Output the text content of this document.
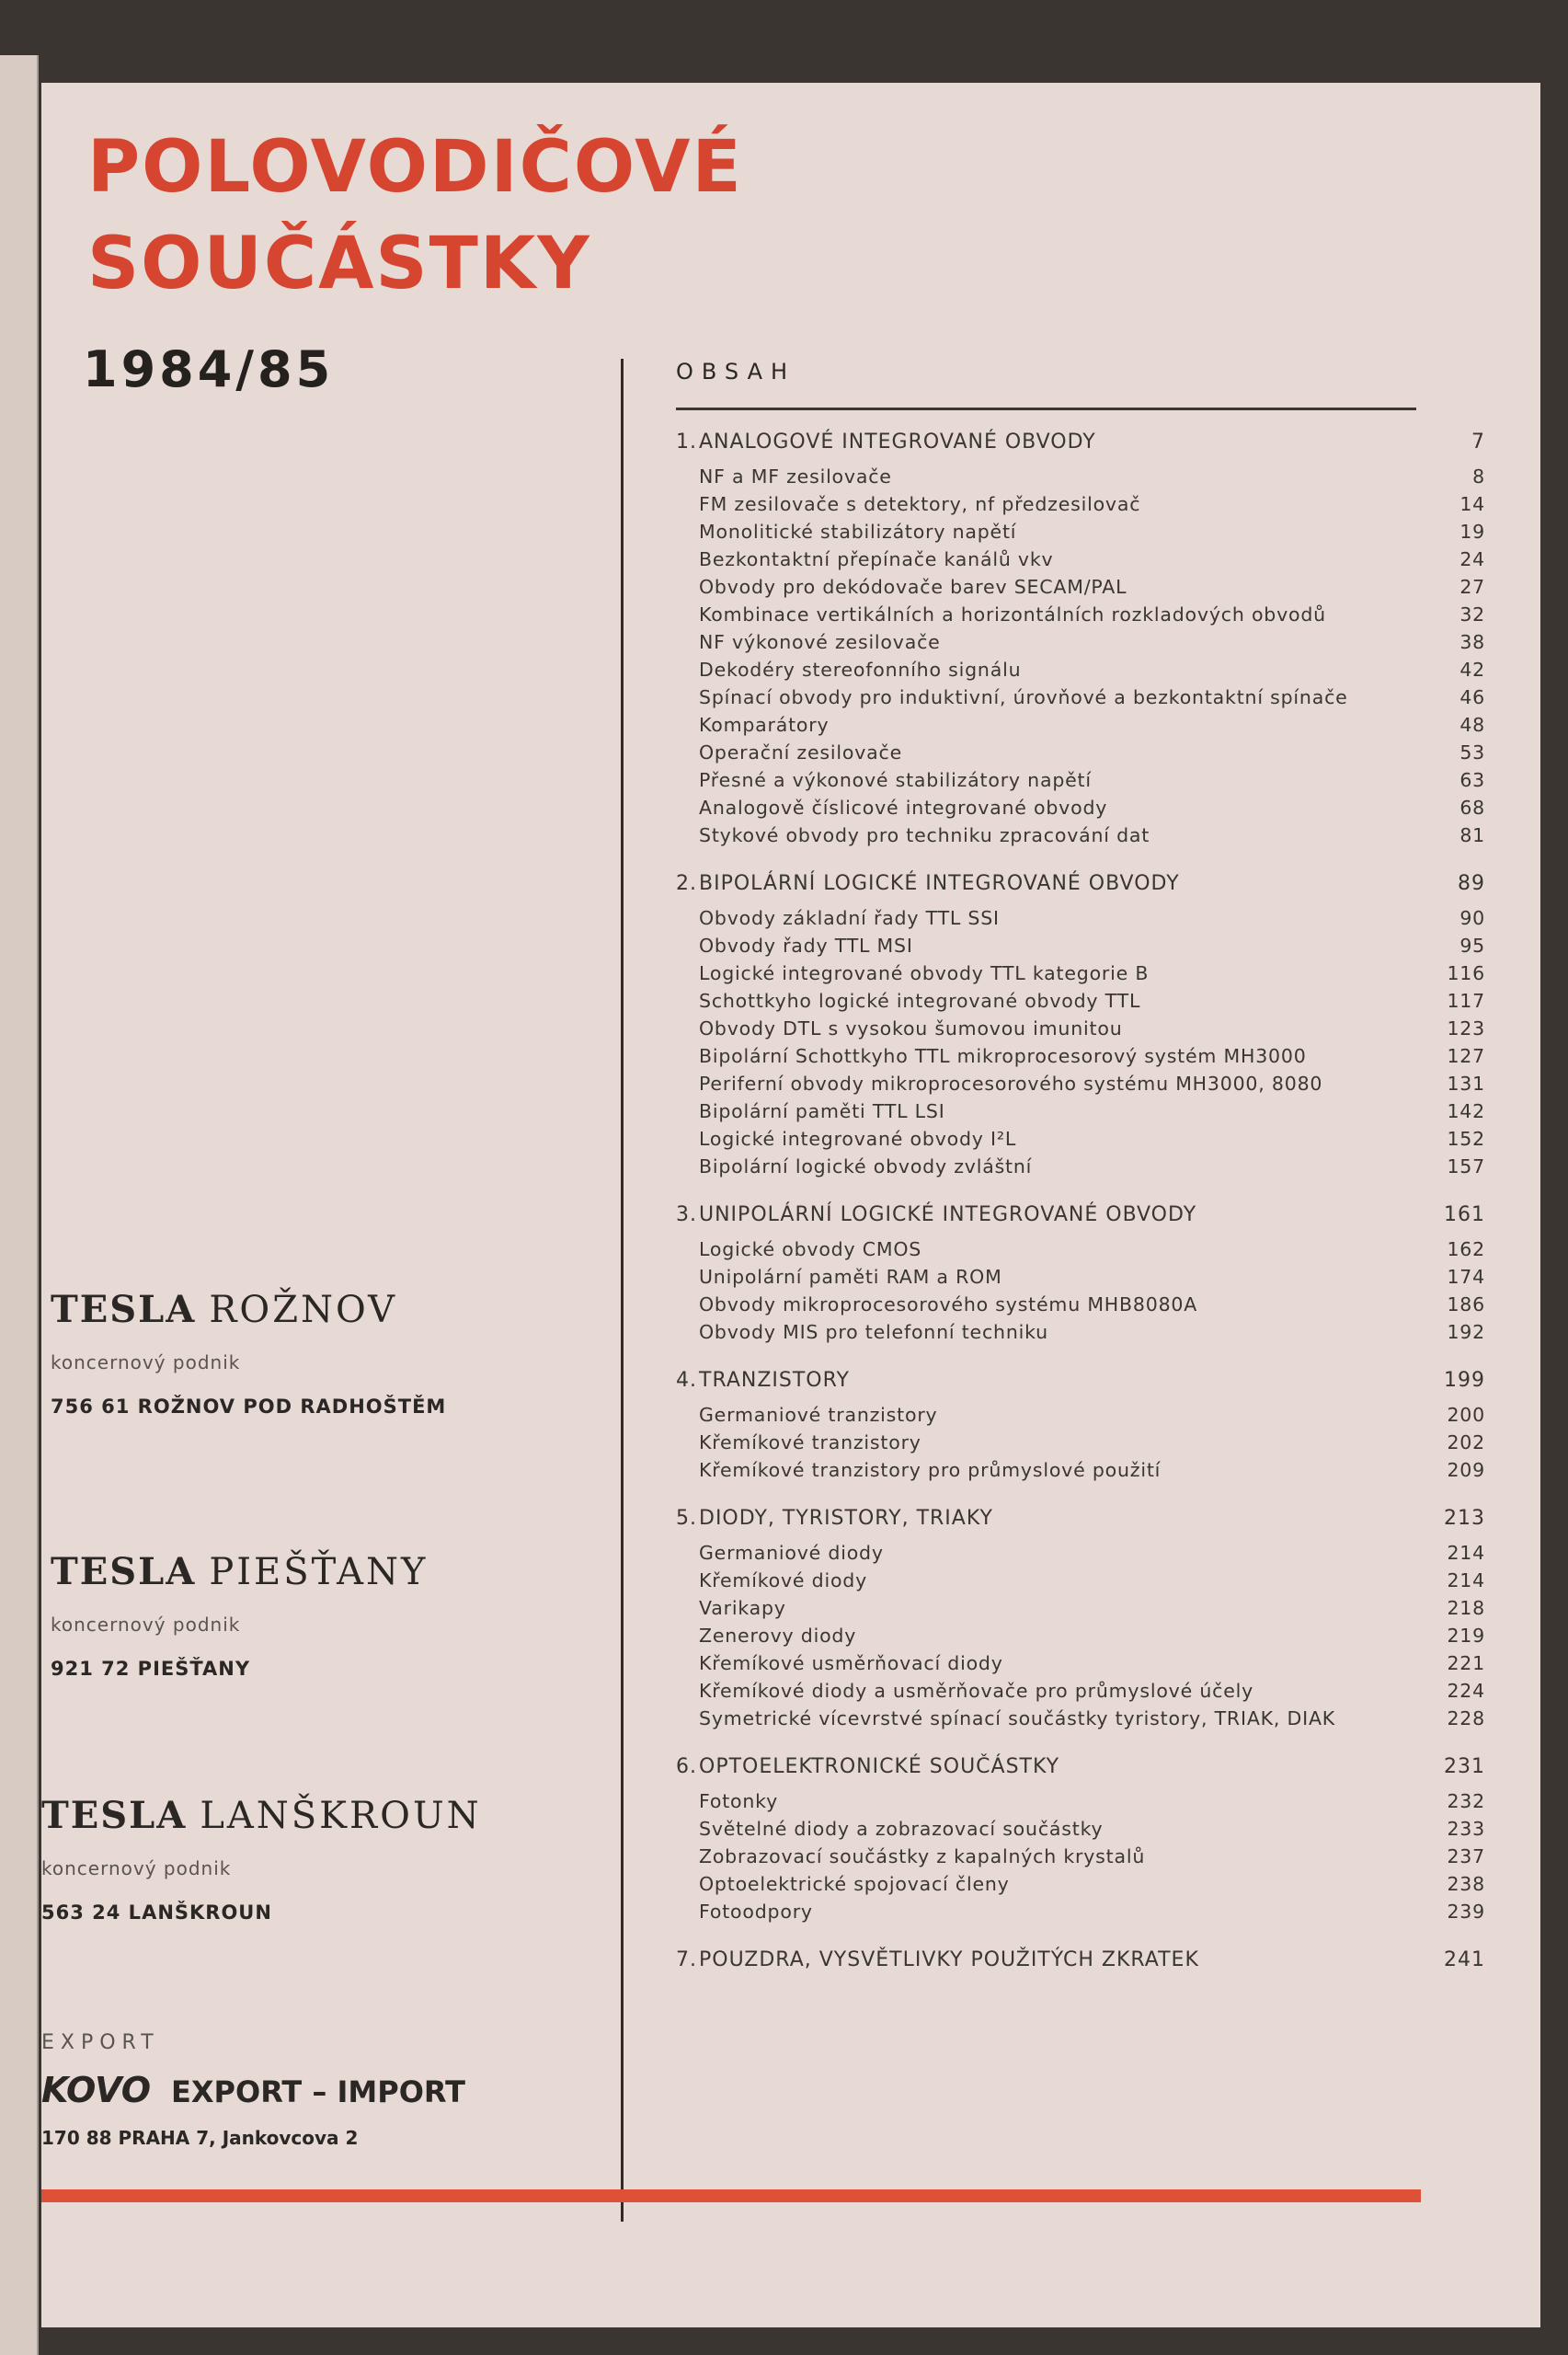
POLOVODIČOVÉ
SOUČÁSTKY
1984/85
TESLA ROŽNOV
koncernový podnik
756 61 ROŽNOV POD RADHOŠTĚM
TESLA PIEŠŤANY
koncernový podnik
921 72 PIEŠŤANY
TESLA LANŠKROUN
koncernový podnik
563 24 LANŠKROUN
EXPORT
KOVO EXPORT – IMPORT
170 88 PRAHA 7, Jankovcova 2
OBSAH
1. ANALOGOVÉ INTEGROVANÉ OBVODY	7
NF a MF zesilovače	8
FM zesilovače s detektory, nf předzesilovač	14
Monolitické stabilizátory napětí	19
Bezkontaktní přepínače kanálů vkv	24
Obvody pro dekódovače barev SECAM/PAL	27
Kombinace vertikálních a horizontálních rozkladových obvodů	32
NF výkonové zesilovače	38
Dekodéry stereofonního signálu	42
Spínací obvody pro induktivní, úrovňové a bezkontaktní spínače	46
Komparátory	48
Operační zesilovače	53
Přesné a výkonové stabilizátory napětí	63
Analogově číslicové integrované obvody	68
Stykové obvody pro techniku zpracování dat	81
2. BIPOLÁRNÍ LOGICKÉ INTEGROVANÉ OBVODY	89
Obvody základní řady TTL SSI	90
Obvody řady TTL MSI	95
Logické integrované obvody TTL kategorie B	116
Schottkyho logické integrované obvody TTL	117
Obvody DTL s vysokou šumovou imunitou	123
Bipolární Schottkyho TTL mikroprocesorový systém MH3000	127
Periferní obvody mikroprocesorového systému MH3000, 8080	131
Bipolární paměti TTL LSI	142
Logické integrované obvody I²L	152
Bipolární logické obvody zvláštní	157
3. UNIPOLÁRNÍ LOGICKÉ INTEGROVANÉ OBVODY	161
Logické obvody CMOS	162
Unipolární paměti RAM a ROM	174
Obvody mikroprocesorového systému MHB8080A	186
Obvody MIS pro telefonní techniku	192
4. TRANZISTORY	199
Germaniové tranzistory	200
Křemíkové tranzistory	202
Křemíkové tranzistory pro průmyslové použití	209
5. DIODY, TYRISTORY, TRIAKY	213
Germaniové diody	214
Křemíkové diody	214
Varikapy	218
Zenerovy diody	219
Křemíkové usměrňovací diody	221
Křemíkové diody a usměrňovače pro průmyslové účely	224
Symetrické vícevrstvé spínací součástky tyristory, TRIAK, DIAK	228
6. OPTOELEKTRONICKÉ SOUČÁSTKY	231
Fotonky	232
Světelné diody a zobrazovací součástky	233
Zobrazovací součástky z kapalných krystalů	237
Optoelektrické spojovací členy	238
Fotoodpory	239
7. POUZDRA, VYSVĚTLIVKY POUŽITÝCH ZKRATEK	241
